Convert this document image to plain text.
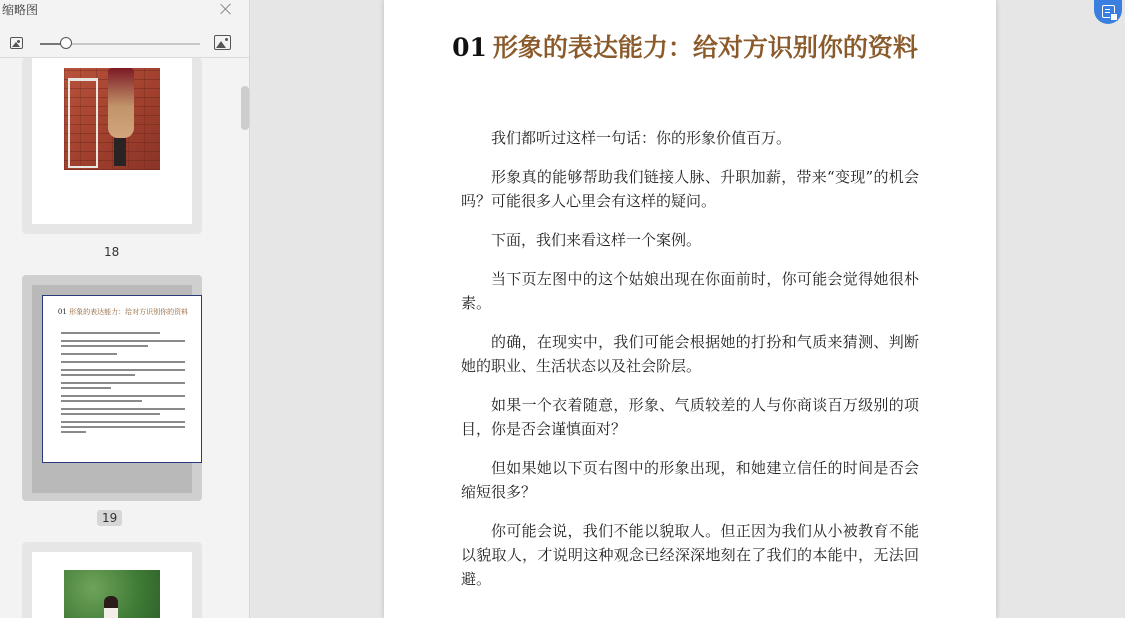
缩略图
18
01 形象的表达能力：给对方识别你的资料
19
01 形象的表达能力：给对方识别你的资料

我们都听过这样一句话：你的形象价值百万。

形象真的能够帮助我们链接人脉、升职加薪，带来“变现”的机会吗？可能很多人心里会有这样的疑问。

下面，我们来看这样一个案例。

当下页左图中的这个姑娘出现在你面前时，你可能会觉得她很朴素。

的确，在现实中，我们可能会根据她的打扮和气质来猜测、判断她的职业、生活状态以及社会阶层。

如果一个衣着随意，形象、气质较差的人与你商谈百万级别的项目，你是否会谨慎面对？

但如果她以下页右图中的形象出现，和她建立信任的时间是否会缩短很多？

你可能会说，我们不能以貌取人。但正因为我们从小被教育不能以貌取人，才说明这种观念已经深深地刻在了我们的本能中，无法回避。
